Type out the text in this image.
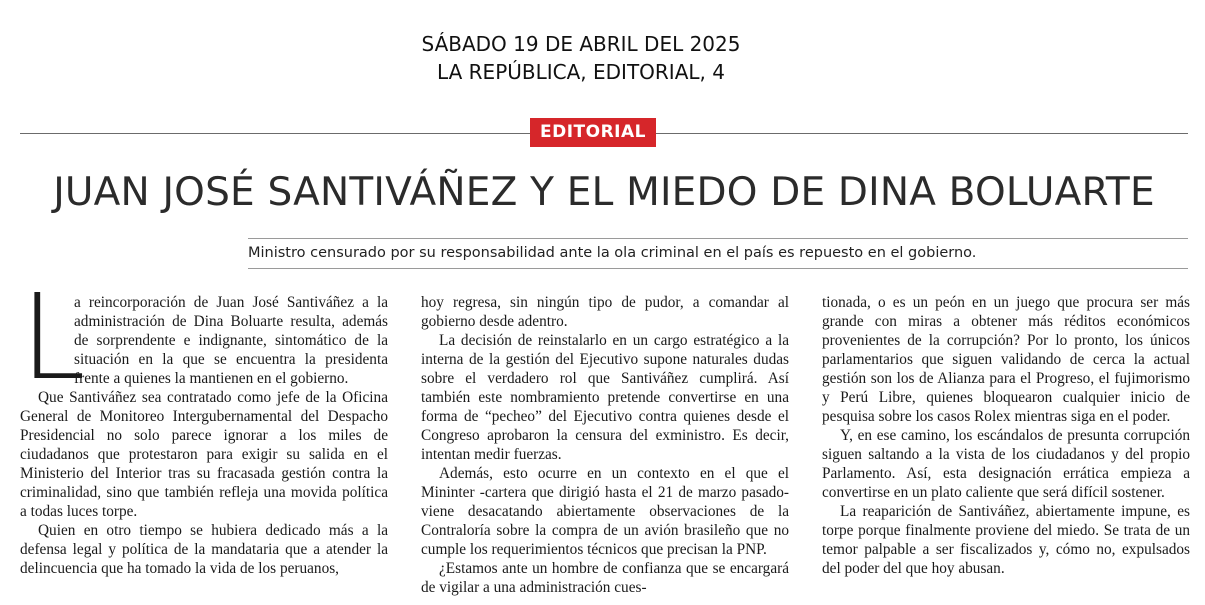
SÁBADO 19 DE ABRIL DEL 2025
LA REPÚBLICA, EDITORIAL, 4
EDITORIAL
JUAN JOSÉ SANTIVÁÑEZ Y EL MIEDO DE DINA BOLUARTE
Ministro censurado por su responsabilidad ante la ola criminal en el país es repuesto en el gobierno.

L
a reincorporación de Juan José Santiváñez a la administración de Dina Boluarte resulta, además de sorprendente e indignante, sintomático de la situación en la que se encuentra la presidenta frente a quienes la mantienen en el gobierno.

Que Santiváñez sea contratado como jefe de la Oficina General de Monitoreo Intergubernamental del Despacho Presidencial no solo parece ignorar a los miles de ciudadanos que protestaron para exigir su salida en el Ministerio del Interior tras su fracasada gestión contra la criminalidad, sino que también refleja una movida política a todas luces torpe.

Quien en otro tiempo se hubiera dedicado más a la defensa legal y política de la mandataria que a atender la delincuencia que ha tomado la vida de los peruanos,

hoy regresa, sin ningún tipo de pudor, a comandar al gobierno desde adentro.

La decisión de reinstalarlo en un cargo estratégico a la interna de la gestión del Ejecutivo supone naturales dudas sobre el verdadero rol que Santiváñez cumplirá. Así también este nombramiento pretende convertirse en una forma de “pecheo” del Ejecutivo contra quienes desde el Congreso aprobaron la censura del exministro. Es decir, intentan medir fuerzas.

Además, esto ocurre en un contexto en el que el Mininter -cartera que dirigió hasta el 21 de marzo pasado- viene desacatando abiertamente observaciones de la Contraloría sobre la compra de un avión brasileño que no cumple los requerimientos técnicos que precisan la PNP.

¿Estamos ante un hombre de confianza que se encargará de vigilar a una administración cues-

tionada, o es un peón en un juego que procura ser más grande con miras a obtener más réditos económicos provenientes de la corrupción? Por lo pronto, los únicos parlamentarios que siguen validando de cerca la actual gestión son los de Alianza para el Progreso, el fujimorismo y Perú Libre, quienes bloquearon cualquier inicio de pesquisa sobre los casos Rolex mientras siga en el poder.

Y, en ese camino, los escándalos de presunta corrupción siguen saltando a la vista de los ciudadanos y del propio Parlamento. Así, esta designación errática empieza a convertirse en un plato caliente que será difícil sostener.

La reaparición de Santiváñez, abiertamente impune, es torpe porque finalmente proviene del miedo. Se trata de un temor palpable a ser fiscalizados y, cómo no, expulsados del poder del que hoy abusan.
